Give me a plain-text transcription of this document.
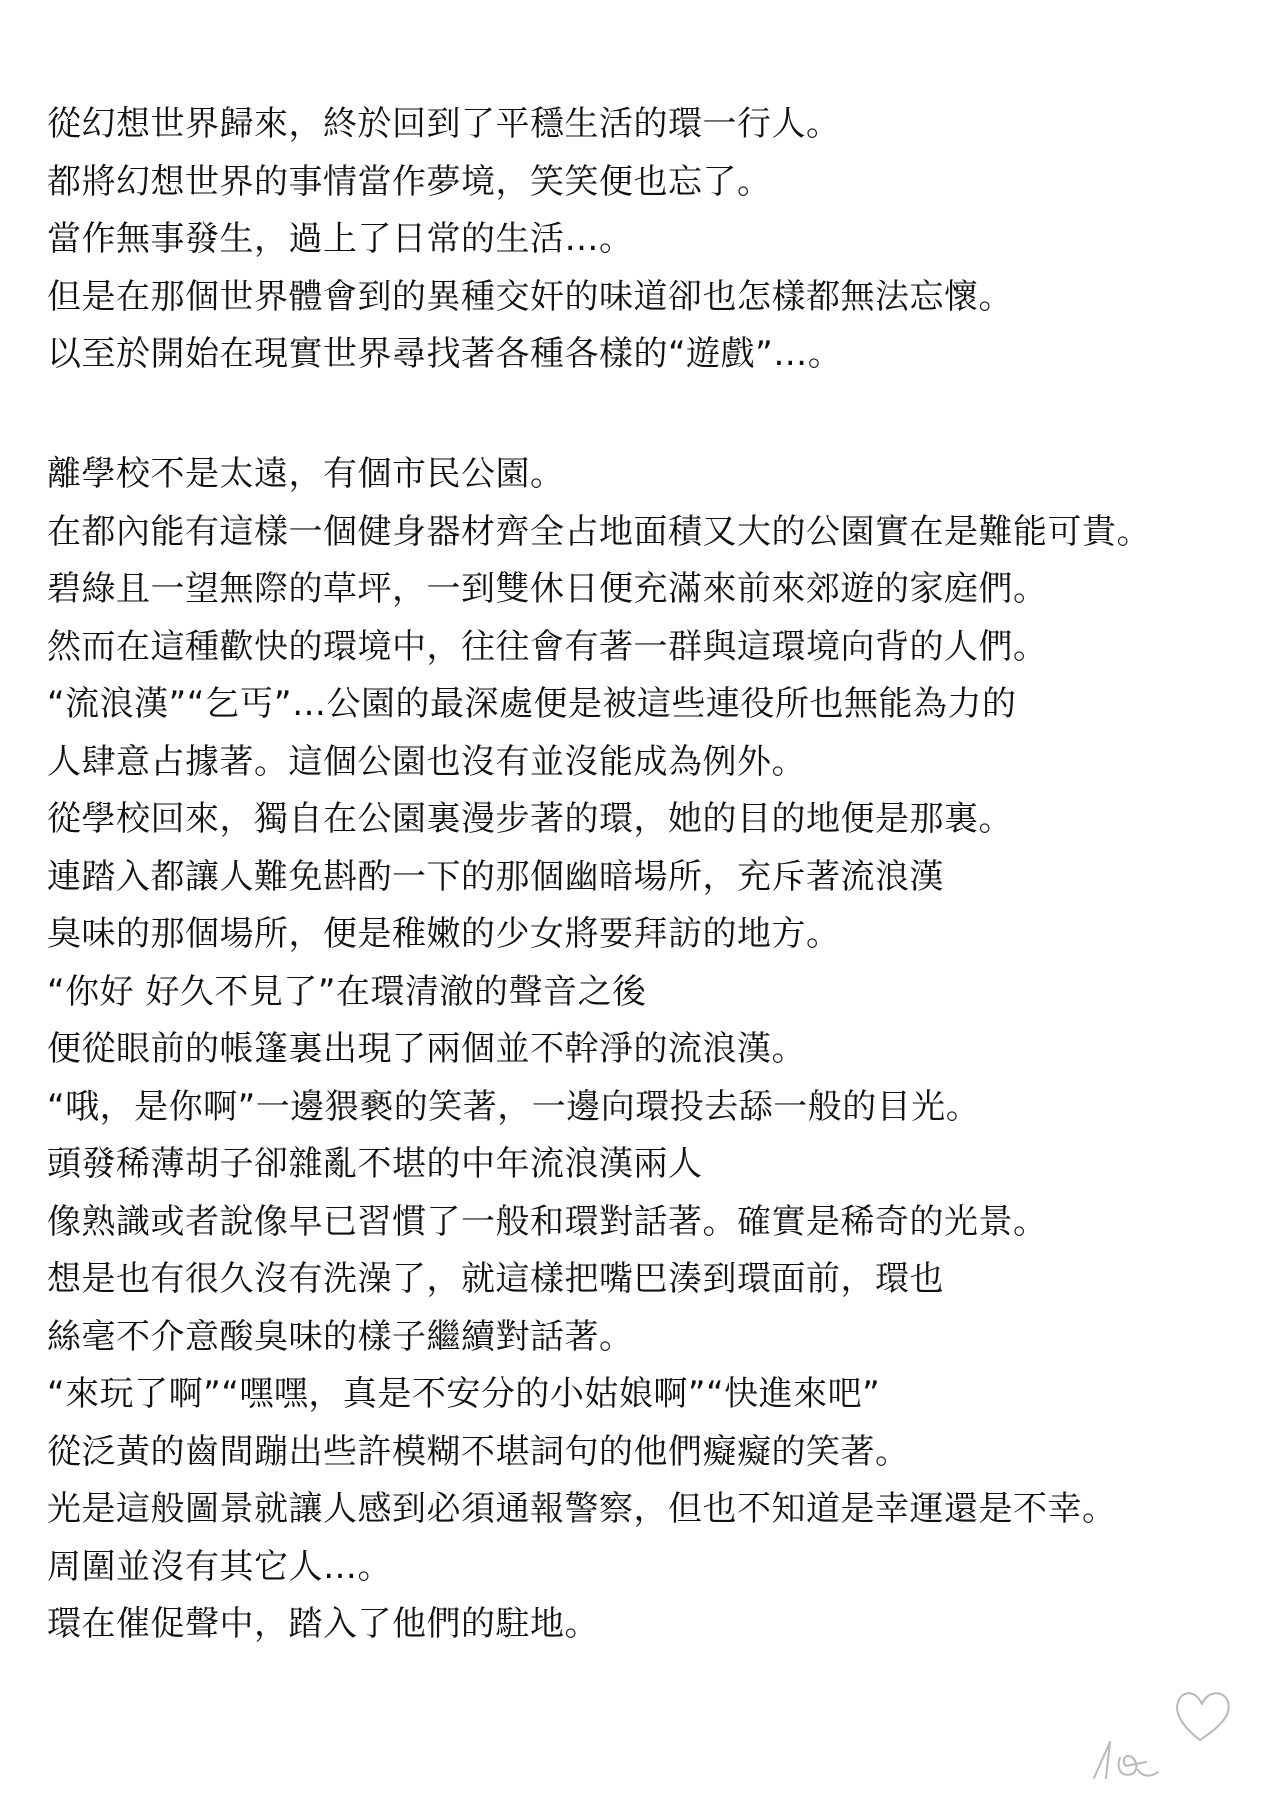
從幻想世界歸來，終於回到了平穩生活的環一行人。
都將幻想世界的事情當作夢境，笑笑便也忘了。
當作無事發生，過上了日常的生活…。
但是在那個世界體會到的異種交奸的味道卻也怎樣都無法忘懷。
以至於開始在現實世界尋找著各種各樣的“遊戲”…。
離學校不是太遠，有個市民公園。
在都內能有這樣一個健身器材齊全占地面積又大的公園實在是難能可貴。
碧綠且一望無際的草坪，一到雙休日便充滿來前來郊遊的家庭們。
然而在這種歡快的環境中，往往會有著一群與這環境向背的人們。
“流浪漢”“乞丐”…公園的最深處便是被這些連役所也無能為力的
人肆意占據著。這個公園也沒有並沒能成為例外。
從學校回來，獨自在公園裏漫步著的環，她的目的地便是那裏。
連踏入都讓人難免斟酌一下的那個幽暗場所，充斥著流浪漢
臭味的那個場所，便是稚嫩的少女將要拜訪的地方。
“你好 好久不見了”在環清澈的聲音之後
便從眼前的帳篷裏出現了兩個並不幹淨的流浪漢。
“哦，是你啊”一邊猥褻的笑著，一邊向環投去舔一般的目光。
頭發稀薄胡子卻雜亂不堪的中年流浪漢兩人
像熟識或者說像早已習慣了一般和環對話著。確實是稀奇的光景。
想是也有很久沒有洗澡了，就這樣把嘴巴湊到環面前，環也
絲毫不介意酸臭味的樣子繼續對話著。
“來玩了啊”“嘿嘿，真是不安分的小姑娘啊”“快進來吧”
從泛黃的齒間蹦出些許模糊不堪詞句的他們癡癡的笑著。
光是這般圖景就讓人感到必須通報警察，但也不知道是幸運還是不幸。
周圍並沒有其它人…。
環在催促聲中，踏入了他們的駐地。
